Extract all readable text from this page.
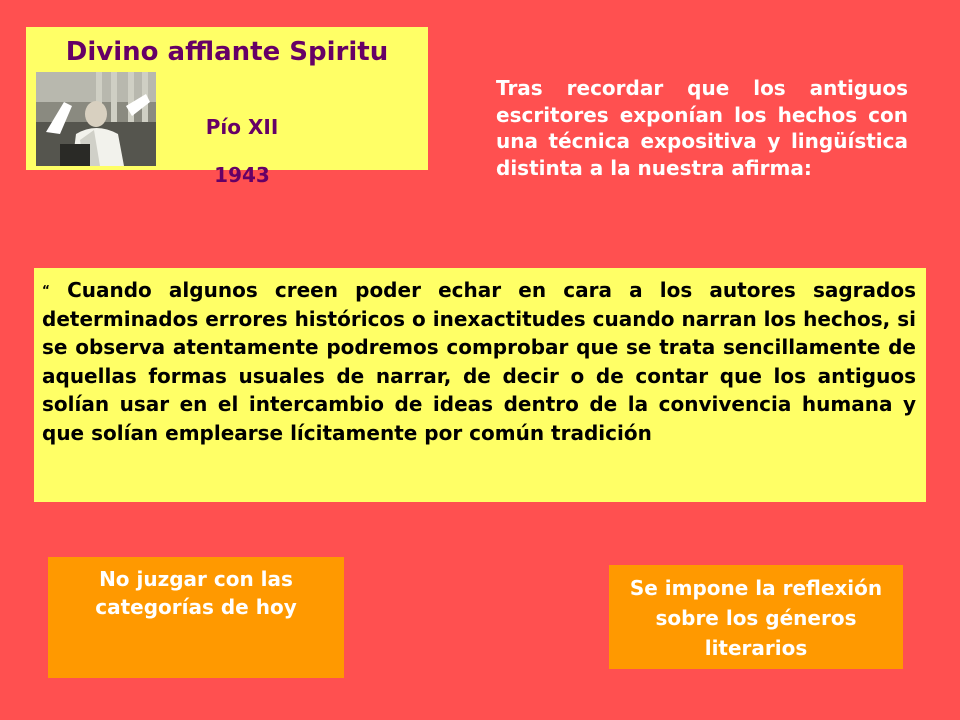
Divino afflante Spiritu
Pío XII
1943
Tras recordar que los antiguos escritores exponían los hechos con una técnica expositiva y lingüística distinta a la nuestra afirma:
“ Cuando algunos creen poder echar en cara a los autores sagrados determinados errores históricos o inexactitudes cuando narran los hechos, si se observa atentamente podremos comprobar que se trata sencillamente de aquellas formas usuales de narrar, de decir o de contar que los antiguos solían usar en el intercambio de ideas dentro de la convivencia humana y que solían emplearse lícitamente por común tradición
No juzgar con las categorías de hoy
Se impone la reflexión sobre los géneros literarios
